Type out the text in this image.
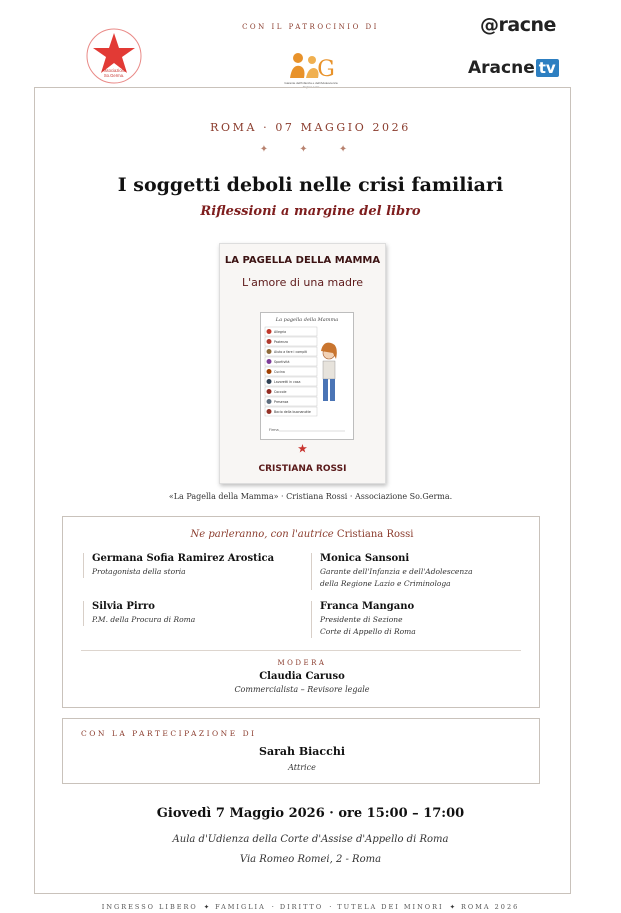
Associazione
So.Germa.
CON IL PATROCINIO DI
G
Garante dell'Infanzia e dell'Adolescenza
Regione Lazio
@racne
Aracne tv
ROMA · 07 MAGGIO 2026
✦ ✦ ✦
I soggetti deboli nelle crisi familiari
Riflessioni a margine del libro
LA PAGELLA DELLA MAMMA
L'amore di una madre
La pagella della Mamma
Allegria
Pazienza
Aiuto a fare i compiti
Sportività
Cucina
Lavoretti in casa
Coccole
Presenza
Bacio della buonanotte
Firma
CRISTIANA ROSSI
«La Pagella della Mamma» · Cristiana Rossi · Associazione So.Germa.
Ne parleranno, con l'autrice Cristiana Rossi
Germana Sofia Ramirez Arostica
Protagonista della storia
Monica Sansoni
Garante dell'Infanzia e dell'Adolescenza
della Regione Lazio e Criminologa
Silvia Pirro
P.M. della Procura di Roma
Franca Mangano
Presidente di Sezione
Corte di Appello di Roma
MODERA
Claudia Caruso
Commercialista – Revisore legale
CON LA PARTECIPAZIONE DI
Sarah Biacchi
Attrice
Giovedì 7 Maggio 2026 · ore 15:00 – 17:00
Aula d'Udienza della Corte d'Assise d'Appello di Roma
Via Romeo Romei, 2 - Roma
INGRESSO LIBERO ✦ FAMIGLIA · DIRITTO · TUTELA DEI MINORI ✦ ROMA 2026
